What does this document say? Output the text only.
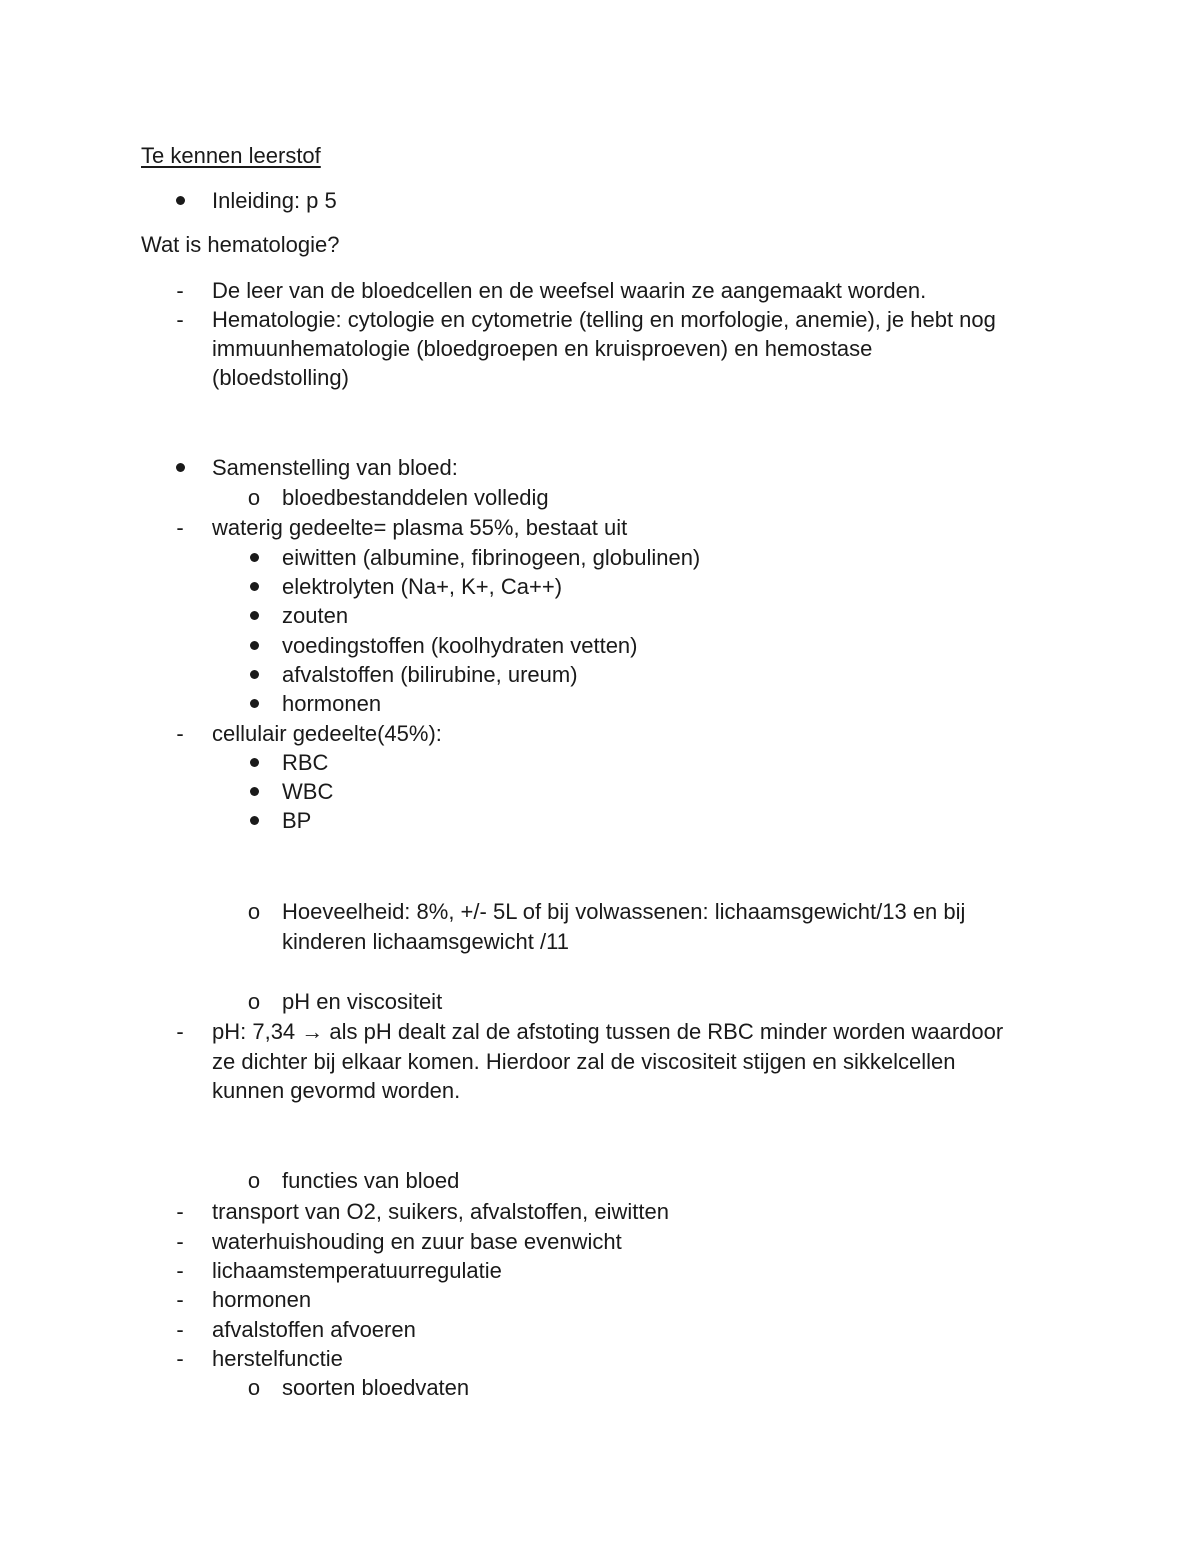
Te kennen leerstof
Inleiding: p 5
Wat is hematologie?
- De leer van de bloedcellen en de weefsel waarin ze aangemaakt worden.
- Hematologie: cytologie en cytometrie (telling en morfologie, anemie), je hebt nog
immuunhematologie (bloedgroepen en kruisproeven) en hemostase
(bloedstolling)
Samenstelling van bloed:
o bloedbestanddelen volledig
- waterig gedeelte= plasma 55%, bestaat uit
eiwitten (albumine, fibrinogeen, globulinen)
elektrolyten (Na+, K+, Ca++)
zouten
voedingstoffen (koolhydraten vetten)
afvalstoffen (bilirubine, ureum)
hormonen
- cellulair gedeelte(45%):
RBC
WBC
BP
o Hoeveelheid: 8%, +/- 5L of bij volwassenen: lichaamsgewicht/13 en bij
kinderen lichaamsgewicht /11
o pH en viscositeit
- pH: 7,34 → als pH dealt zal de afstoting tussen de RBC minder worden waardoor
ze dichter bij elkaar komen. Hierdoor zal de viscositeit stijgen en sikkelcellen
kunnen gevormd worden.
o functies van bloed
- transport van O2, suikers, afvalstoffen, eiwitten
- waterhuishouding en zuur base evenwicht
- lichaamstemperatuurregulatie
- hormonen
- afvalstoffen afvoeren
- herstelfunctie
o soorten bloedvaten
